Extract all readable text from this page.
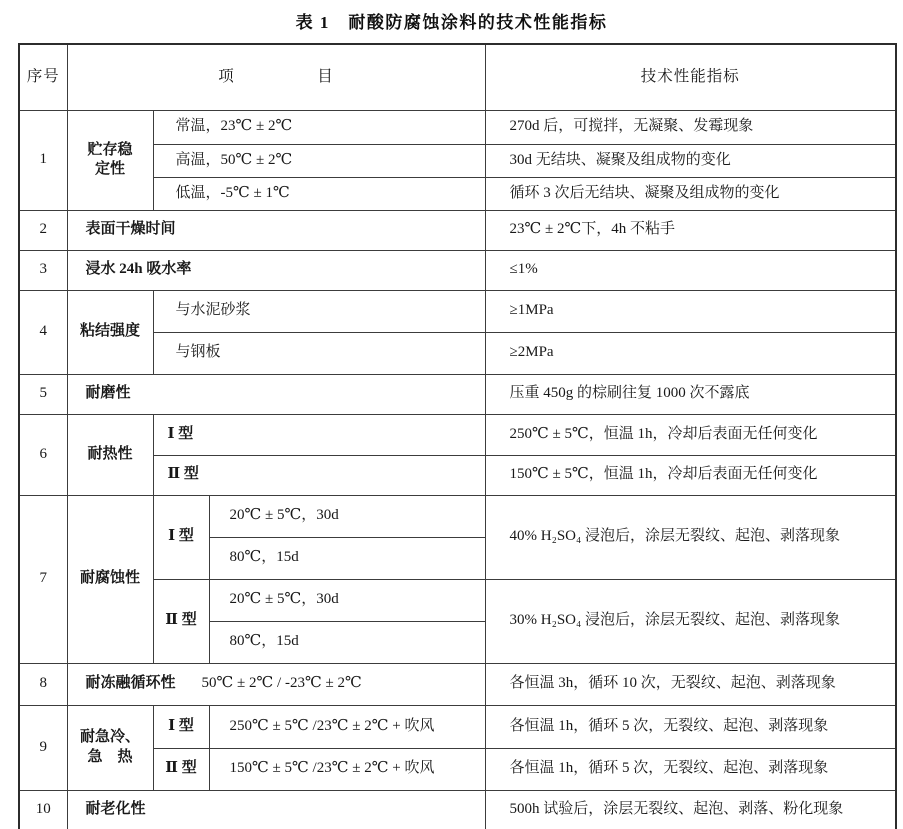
表 1　耐酸防腐蚀涂料的技术性能指标
序号	项　　　　　目			技术性能指标
1	贮存稳定性	常温，23℃ ± 2℃		270d 后，可搅拌，无凝聚、发霉现象
		高温，50℃ ± 2℃		30d 无结块、凝聚及组成物的变化
		低温，-5℃ ± 1℃		循环 3 次后无结块、凝聚及组成物的变化
2	表面干燥时间			23℃ ± 2℃下，4h 不粘手
3	浸水 24h 吸水率			≤1%
4	粘结强度	与水泥砂浆		≥1MPa
		与钢板		≥2MPa
5	耐磨性			压重 450g 的棕刷往复 1000 次不露底
6	耐热性	Ⅰ 型		250℃ ± 5℃，恒温 1h，冷却后表面无任何变化
		Ⅱ 型		150℃ ± 5℃，恒温 1h，冷却后表面无任何变化
7	耐腐蚀性	Ⅰ 型	20℃ ± 5℃，30d	40% H₂SO₄ 浸泡后，涂层无裂纹、起泡、剥落现象
			80℃，15d	
		Ⅱ 型	20℃ ± 5℃，30d	30% H₂SO₄ 浸泡后，涂层无裂纹、起泡、剥落现象
			80℃，15d	
8	耐冻融循环性 50℃ ± 2℃ / -23℃ ± 2℃			各恒温 3h，循环 10 次，无裂纹、起泡、剥落现象
9	耐急冷、急　热	Ⅰ 型	250℃ ± 5℃ /23℃ ± 2℃ + 吹风	各恒温 1h，循环 5 次，无裂纹、起泡、剥落现象
		Ⅱ 型	150℃ ± 5℃ /23℃ ± 2℃ + 吹风	各恒温 1h，循环 5 次，无裂纹、起泡、剥落现象
10	耐老化性			500h 试验后，涂层无裂纹、起泡、剥落、粉化现象
